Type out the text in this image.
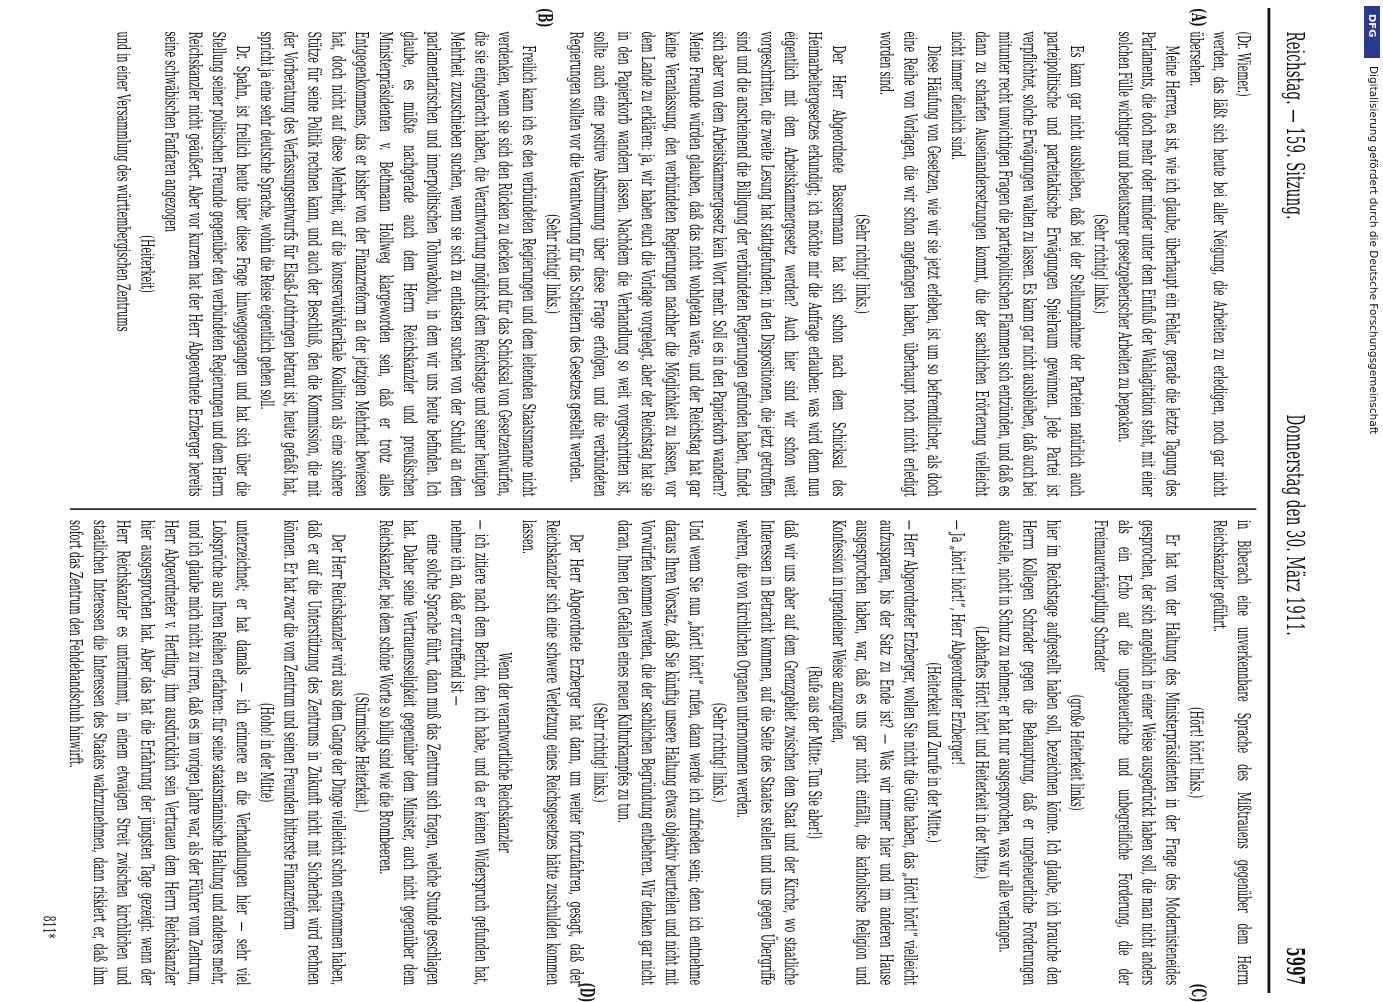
Reichstag. — 159. Sitzung.
Donnerstag den 30. März 1911.
5997
(A)
(B)

(Dr. Wiemer.)

werden, das läßt sich heute bei aller Neigung, die Arbeiten zu erledigen, noch gar nicht übersehen.

Meine Herren, es ist, wie ich glaube, überhaupt ein Fehler, gerade die letzte Tagung des Parlaments, die doch mehr oder minder unter dem Einfluß der Wahlagitation steht, mit einer solchen Fülle wichtiger und bedeutsamer gesetzgeberischer Arbeiten zu bepacken.

(Sehr richtig! links.)

Es kann gar nicht ausbleiben, daß bei der Stellungnahme der Parteien natürlich auch parteipolitische und parteitaktische Erwägungen Spielraum gewinnen. Jede Partei ist verpflichtet, solche Erwägungen walten zu lassen. Es kann gar nicht ausbleiben, daß auch bei mitunter recht unwichtigen Fragen die parteipolitischen Flammen sich entzünden, und daß es dann zu scharfen Auseinandersetzungen kommt, die der sachlichen Erörterung vielleicht nicht immer dienlich sind.

Diese Häufung von Gesetzen, wie wir sie jetzt erleben, ist um so befremdlicher, als doch eine Reihe von Vorlagen, die wir schon angefangen haben, überhaupt noch nicht erledigt worden sind.

(Sehr richtig! links.)

Der Herr Abgeordnete Bassermann hat sich schon nach dem Schicksal des Heimarbeitergesetzes erkundigt; ich möchte mir die Anfrage erlauben: was wird denn nun eigentlich mit dem Arbeitskammergesetz werden? Auch hier sind wir schon weit vorgeschritten, die zweite Lesung hat stattgefunden; in den Dispositionen, die jetzt getroffen sind und die anscheinend die Billigung der verbündeten Regierungen gefunden haben, findet sich aber von dem Arbeitskammergesetz kein Wort mehr. Soll es in den Papierkorb wandern? Meine Freunde würden glauben, daß das nicht wohlgetan wäre, und der Reichstag hat gar keine Veranlassung, den verbündeten Regierungen nachher die Möglichkeit zu lassen, vor dem Lande zu erklären: ja, wir haben euch die Vorlage vorgelegt, aber der Reichstag hat sie in den Papierkorb wandern lassen. Nachdem die Verhandlung so weit vorgeschritten ist, sollte auch eine positive Abstimmung über diese Frage erfolgen, und die verbündeten Regierungen sollten vor die Verantwortung für das Scheitern des Gesetzes gestellt werden.

(Sehr richtig! links.)

Freilich kann ich es den verbündeten Regierungen und dem leitenden Staatsmanne nicht verdenken, wenn sie sich den Rücken zu decken und für das Schicksal von Gesetzentwürfen, die sie eingebracht haben, die Verantwortung möglichst dem Reichstage und seiner heutigen Mehrheit zuzuschieben suchen, wenn sie sich zu entlasten suchen von der Schuld an dem parlamentarischen und innerpolitischen Tohuwabohu, in dem wir uns heute befinden. Ich glaube, es müßte nachgerade auch dem Herrn Reichskanzler und preußischen Ministerpräsidenten v. Bethmann Hollweg klargeworden sein, daß er trotz alles Entgegenkommens, das er bisher von der Finanzreform an der jetzigen Mehrheit bewiesen hat, doch nicht auf diese Mehrheit, auf die konservativklerikale Koalition als eine sichere Stütze für seine Politik rechnen kann, und auch der Beschluß, den die Kommission, die mit der Vorberatung des Verfassungsentwurfs für Elsaß-Lothringen betraut ist, heute gefaßt hat, spricht ja eine sehr deutsche Sprache, wohin die Reise eigentlich gehen soll.

Dr. Spahn, ist freilich heute über diese Frage hinweggegangen und hat sich über die Stellung seiner politischen Freunde gegenüber den verbündeten Regierungen und dem Herrn Reichskanzler nicht geäußert. Aber vor kurzem hat der Herr Abgeordnete Erzberger bereits seine schwäbischen Fanfaren angezogen

(Heiterkeit)

und in einer Versammlung des württembergischen Zentrums

(C)
(D)

in Biberach eine unverkennbare Sprache des Mißtrauens gegenüber dem Herrn Reichskanzler geführt.

(Hört! hört! links.)

Er hat von der Haltung des Ministerpräsidenten in der Frage des Modernisteneides gesprochen, der sich angeblich in einer Weise ausgedrückt haben soll, die man nicht anders als ein Echo auf die ungeheuerliche und unbegreifliche Forderung, die der Freimaurerhäuptling Schrader

(große Heiterkeit links)

hier im Reichstage aufgestellt haben soll, bezeichnen könne. Ich glaube, ich brauche den Herrn Kollegen Schrader gegen die Behauptung, daß er ungeheuerliche Forderungen aufstelle, nicht in Schutz zu nehmen; er hat nur ausgesprochen, was wir alle verlangen.

(Lebhaftes Hört! hört! und Heiterkeit in der Mitte.)

— Ja „hört! hört!“, Herr Abgeordneter Erzberger!

(Heiterkeit und Zurufe in der Mitte.)

— Herr Abgeordneter Erzberger, wollen Sie nicht die Güte haben, das „Hört! hört!“ vielleicht aufzusparen, bis der Satz zu Ende ist? — Was wir immer hier und im anderen Hause ausgesprochen haben, war, daß es uns gar nicht einfällt, die katholische Religion und Konfession in irgendeiner Weise anzugreifen,

(Rufe aus der Mitte: Tun Sie aber!)

daß wir uns aber auf dem Grenzgebiet zwischen dem Staat und der Kirche, wo staatliche Interessen in Betracht kommen, auf die Seite des Staates stellen und uns gegen Übergriffe wehren, die von kirchlichen Organen unternommen werden.

(Sehr richtig! links.)

Und wenn Sie nun „hört! hört!“ rufen, dann werde ich zufrieden sein; denn ich entnehme daraus Ihren Vorsatz, daß Sie künftig unsere Haltung etwas objektiv beurteilen und nicht mit Vorwürfen kommen werden, die der sachlichen Begründung entbehren. Wir denken gar nicht daran, Ihnen den Gefallen eines neuen Kulturkampfes zu tun.

(Sehr richtig! links.)

Der Herr Abgeordnete Erzberger hat dann, um weiter fortzufahren, gesagt, daß der Reichskanzler sich eine schwere Verletzung eines Reichsgesetzes hätte zuschulden kommen lassen.

Wenn der verantwortliche Reichskanzler

— ich zitiere nach dem Bericht, den ich habe, und da er keinen Widerspruch gefunden hat, nehme ich an, daß er zutreffend ist —

eine solche Sprache führt, dann muß das Zentrum sich fragen, welche Stunde geschlagen hat. Daher seine Vertrauensseligkeit gegenüber dem Minister, auch nicht gegenüber dem Reichskanzler, bei dem schöne Worte so billig sind wie die Brombeeren.

(Stürmische Heiterkeit.)

Der Herr Reichskanzler wird aus dem Gange der Dinge vielleicht schon entnommen haben, daß er auf die Unterstützung des Zentrums in Zukunft nicht mit Sicherheit wird rechnen können. Er hat zwar die vom Zentrum und seinen Freunden bitterste Finanzreform

(Hoho! in der Mitte)

unterzeichnet; er hat damals — ich erinnere an die Verhandlungen hier — sehr viel Lobsprüche aus Ihren Reihen erfahren: für seine staatsmännische Haltung und anderes mehr, und ich glaube mich nicht zu irren, daß es im vorigen Jahre war, als der Führer vom Zentrum, Herr Abgeordneter v. Hertling, ihm ausdrücklich sein Vertrauen dem Herrn Reichskanzler hier ausgesprochen hat. Aber das hat die Erfahrung der jüngsten Tage gezeigt: wenn der Herr Reichskanzler es unternimmt, in einem etwaigen Streit zwischen kirchlichen und staatlichen Interessen die Interessen des Staates wahrzunehmen, dann riskiert er, daß ihm sofort das Zentrum den Fehdehandschuh hinwirft.

811*
DFG
Digitalisierung gefördert durch die Deutsche Forschungsgemeinschaft
